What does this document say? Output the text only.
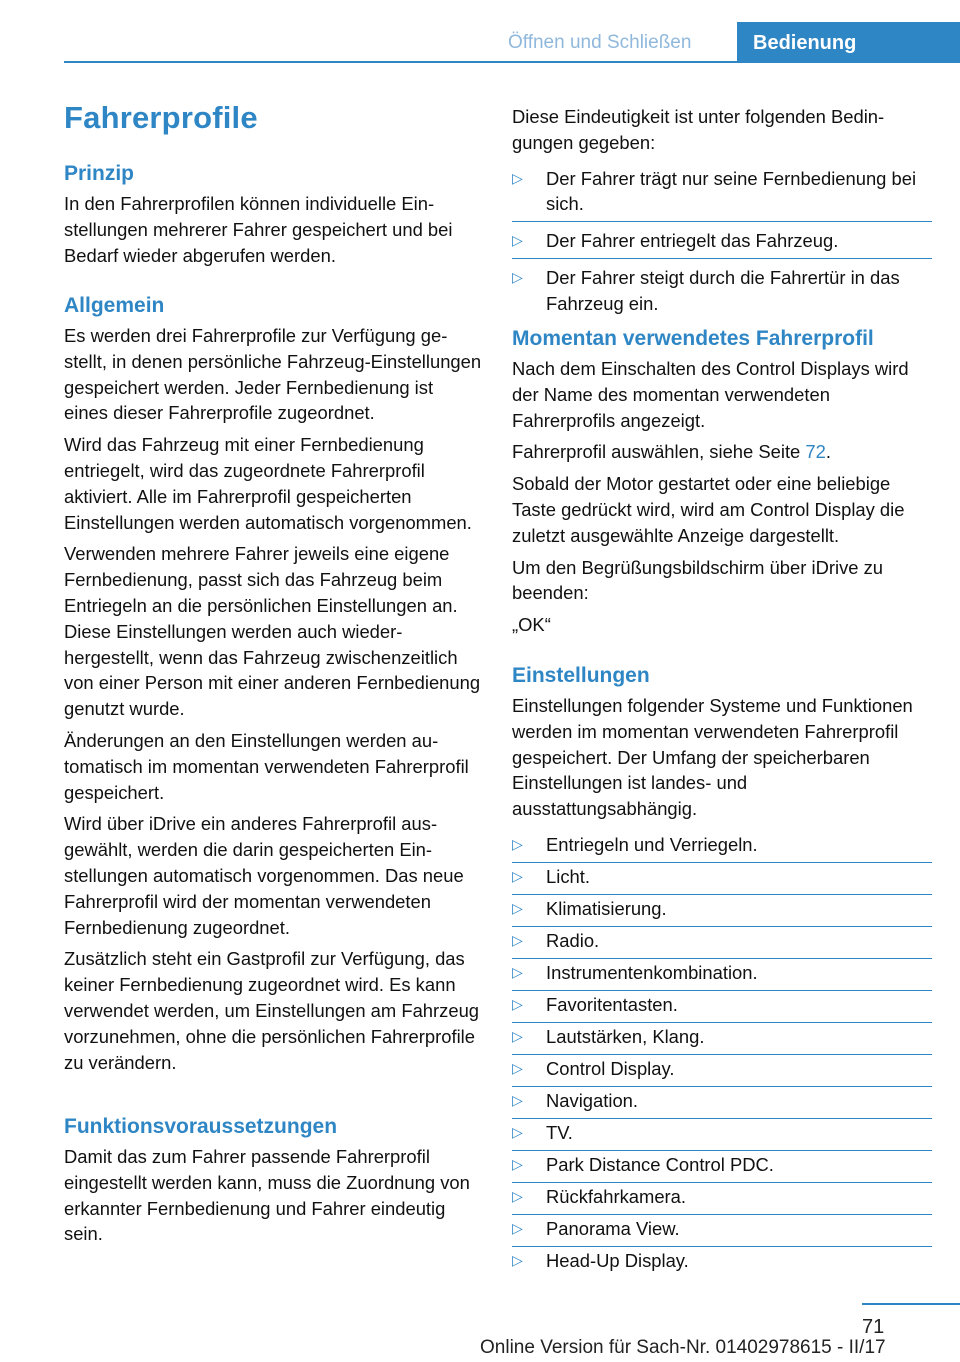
Öffnen und Schließen	Bedienung
Fahrerprofile
Prinzip

In den Fahrerprofilen können individuelle Einstellungen mehrerer Fahrer gespeichert und bei Bedarf wieder abgerufen werden.

Allgemein

Es werden drei Fahrerprofile zur Verfügung gestellt, in denen persönliche Fahrzeug-Einstellungen gespeichert werden. Jeder Fernbedienung ist eines dieser Fahrerprofile zugeordnet.

Wird das Fahrzeug mit einer Fernbedienung entriegelt, wird das zugeordnete Fahrerprofil aktiviert. Alle im Fahrerprofil gespeicherten Einstellungen werden automatisch vorgenommen.

Verwenden mehrere Fahrer jeweils eine eigene Fernbedienung, passt sich das Fahrzeug beim Entriegeln an die persönlichen Einstellungen an. Diese Einstellungen werden auch wiederhergestellt, wenn das Fahrzeug zwischenzeitlich von einer Person mit einer anderen Fernbedienung genutzt wurde.

Änderungen an den Einstellungen werden automatisch im momentan verwendeten Fahrerprofil gespeichert.

Wird über iDrive ein anderes Fahrerprofil ausgewählt, werden die darin gespeicherten Einstellungen automatisch vorgenommen. Das neue Fahrerprofil wird der momentan verwendeten Fernbedienung zugeordnet.

Zusätzlich steht ein Gastprofil zur Verfügung, das keiner Fernbedienung zugeordnet wird. Es kann verwendet werden, um Einstellungen am Fahrzeug vorzunehmen, ohne die persönlichen Fahrerprofile zu verändern.

Funktionsvoraussetzungen

Damit das zum Fahrer passende Fahrerprofil eingestellt werden kann, muss die Zuordnung von erkannter Fernbedienung und Fahrer eindeutig sein.

Diese Eindeutigkeit ist unter folgenden Bedingungen gegeben:

▷ Der Fahrer trägt nur seine Fernbedienung bei sich.
▷ Der Fahrer entriegelt das Fahrzeug.
▷ Der Fahrer steigt durch die Fahrertür in das Fahrzeug ein.
Momentan verwendetes Fahrerprofil

Nach dem Einschalten des Control Displays wird der Name des momentan verwendeten Fahrerprofils angezeigt.

Fahrerprofil auswählen, siehe Seite 72.

Sobald der Motor gestartet oder eine beliebige Taste gedrückt wird, wird am Control Display die zuletzt ausgewählte Anzeige dargestellt.

Um den Begrüßungsbildschirm über iDrive zu beenden:

„OK“

Einstellungen

Einstellungen folgender Systeme und Funktionen werden im momentan verwendeten Fahrerprofil gespeichert. Der Umfang der speicherbaren Einstellungen ist landes- und ausstattungsabhängig.

▷ Entriegeln und Verriegeln.
▷ Licht.
▷ Klimatisierung.
▷ Radio.
▷ Instrumentenkombination.
▷ Favoritentasten.
▷ Lautstärken, Klang.
▷ Control Display.
▷ Navigation.
▷ TV.
▷ Park Distance Control PDC.
▷ Rückfahrkamera.
▷ Panorama View.
▷ Head-Up Display.
71
Online Version für Sach-Nr. 01402978615 - II/17
